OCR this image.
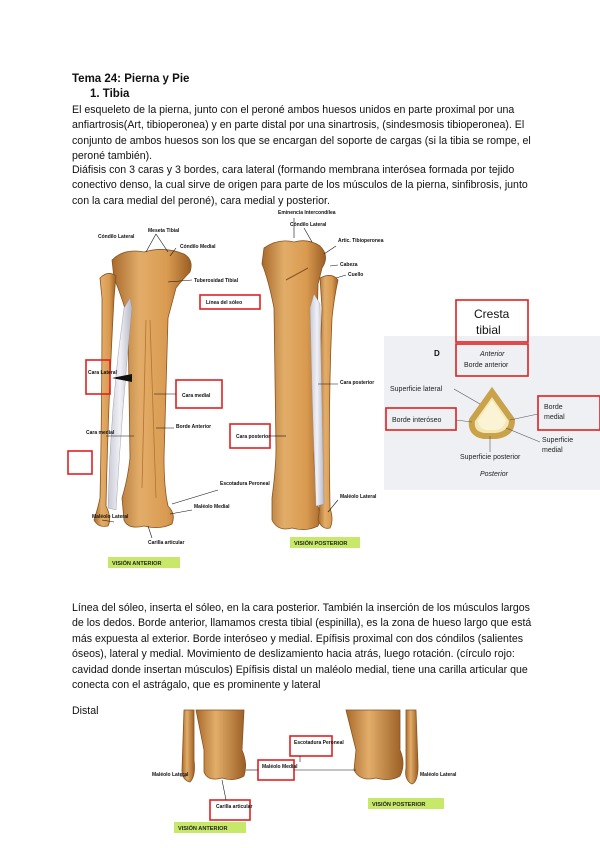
Tema 24: Pierna y Pie
1. Tibia
El esqueleto de la pierna, junto con el peroné ambos huesos unidos en parte proximal por una anfiartrosis(Art, tibioperonea) y en parte distal por una sinartrosis, (sindesmosis tibioperonea). El conjunto de ambos huesos son los que se encargan del soporte de cargas (si la tibia se rompe, el peroné también).
Diáfisis con 3 caras y 3 bordes, cara lateral (formando membrana interósea formada por tejido conectivo denso, la cual sirve de origen para parte de los músculos de la pierna, sinfibrosis, junto con la cara medial del peroné), cara medial y posterior.
Meseta Tibial
Cóndilo Lateral
Cóndilo Medial
Tuberosidad Tibial
Línea del sóleo
Cara Lateral
Cara medial
Borde Anterior
Cara medial
Cara posterior
Escotadura Peroneal
Maléolo Medial
Maléolo Lateral
Carilla articular
VISIÓN ANTERIOR
Eminencia Intercondílea
Cóndilo Lateral
Artic. Tibioperonea
Cabeza
Cuello
Cara posterior
Maléolo Lateral
VISIÓN POSTERIOR
Cresta
tibial
D	Anterior
Borde anterior
Superficie lateral
Borde interóseo
Borde
medial
Superficie
medial
Superficie posterior
Posterior
Línea del sóleo, inserta el sóleo, en la cara posterior. También la inserción de los músculos largos de los dedos. Borde anterior, llamamos cresta tibial (espinilla), es la zona de hueso largo que está más expuesta al exterior. Borde interóseo y medial. Epífisis proximal con dos cóndilos (salientes óseos), lateral y medial. Movimiento de deslizamiento hacia atrás, luego rotación. (círculo rojo: cavidad donde insertan músculos) Epífisis distal un maléolo medial, tiene una carilla articular que conecta con el astrágalo, que es prominente y lateral
Distal
Escotadura Peroneal
Maléolo Medial
Maléolo Lateral	Maléolo Lateral
Carilla articular
VISIÓN ANTERIOR
VISIÓN POSTERIOR
